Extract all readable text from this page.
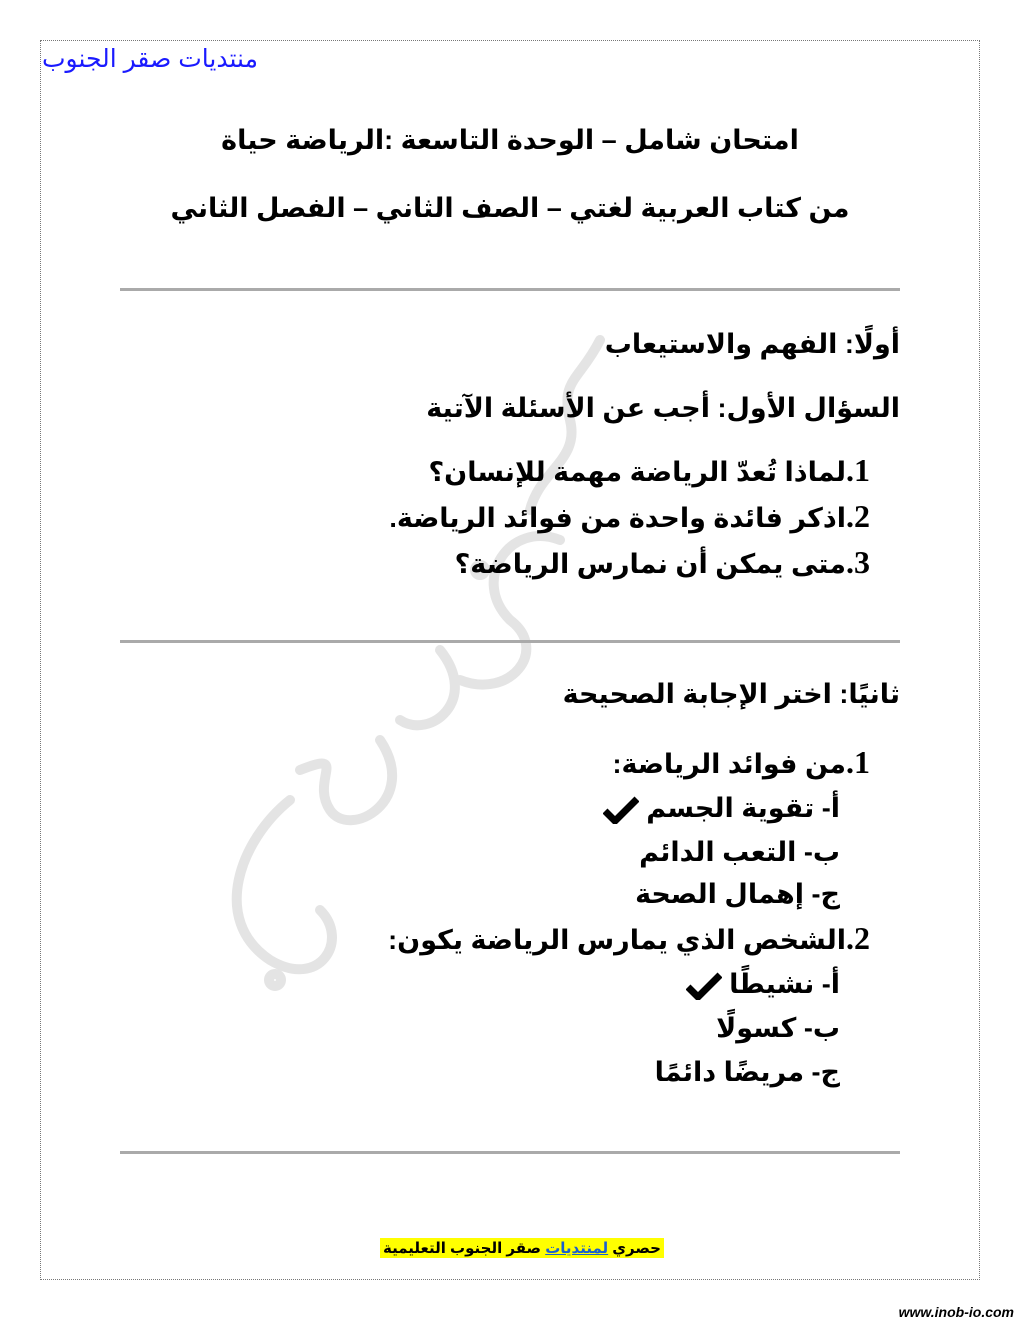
منتديات صقر الجنوب
امتحان شامل – الوحدة التاسعة :الرياضة حياة
من كتاب العربية لغتي – الصف الثاني – الفصل الثاني
أولًا: الفهم والاستيعاب
السؤال الأول: أجب عن الأسئلة الآتية
1.لماذا تُعدّ الرياضة مهمة للإنسان؟
2.اذكر فائدة واحدة من فوائد الرياضة.
3.متى يمكن أن نمارس الرياضة؟
ثانيًا: اختر الإجابة الصحيحة
1.من فوائد الرياضة:
أ- تقوية الجسم
ب- التعب الدائم
ج- إهمال الصحة
2.الشخص الذي يمارس الرياضة يكون:
أ- نشيطًا
ب- كسولًا
ج- مريضًا دائمًا
حصري لمنتديات صقر الجنوب التعليمية
www.inob-io.com
